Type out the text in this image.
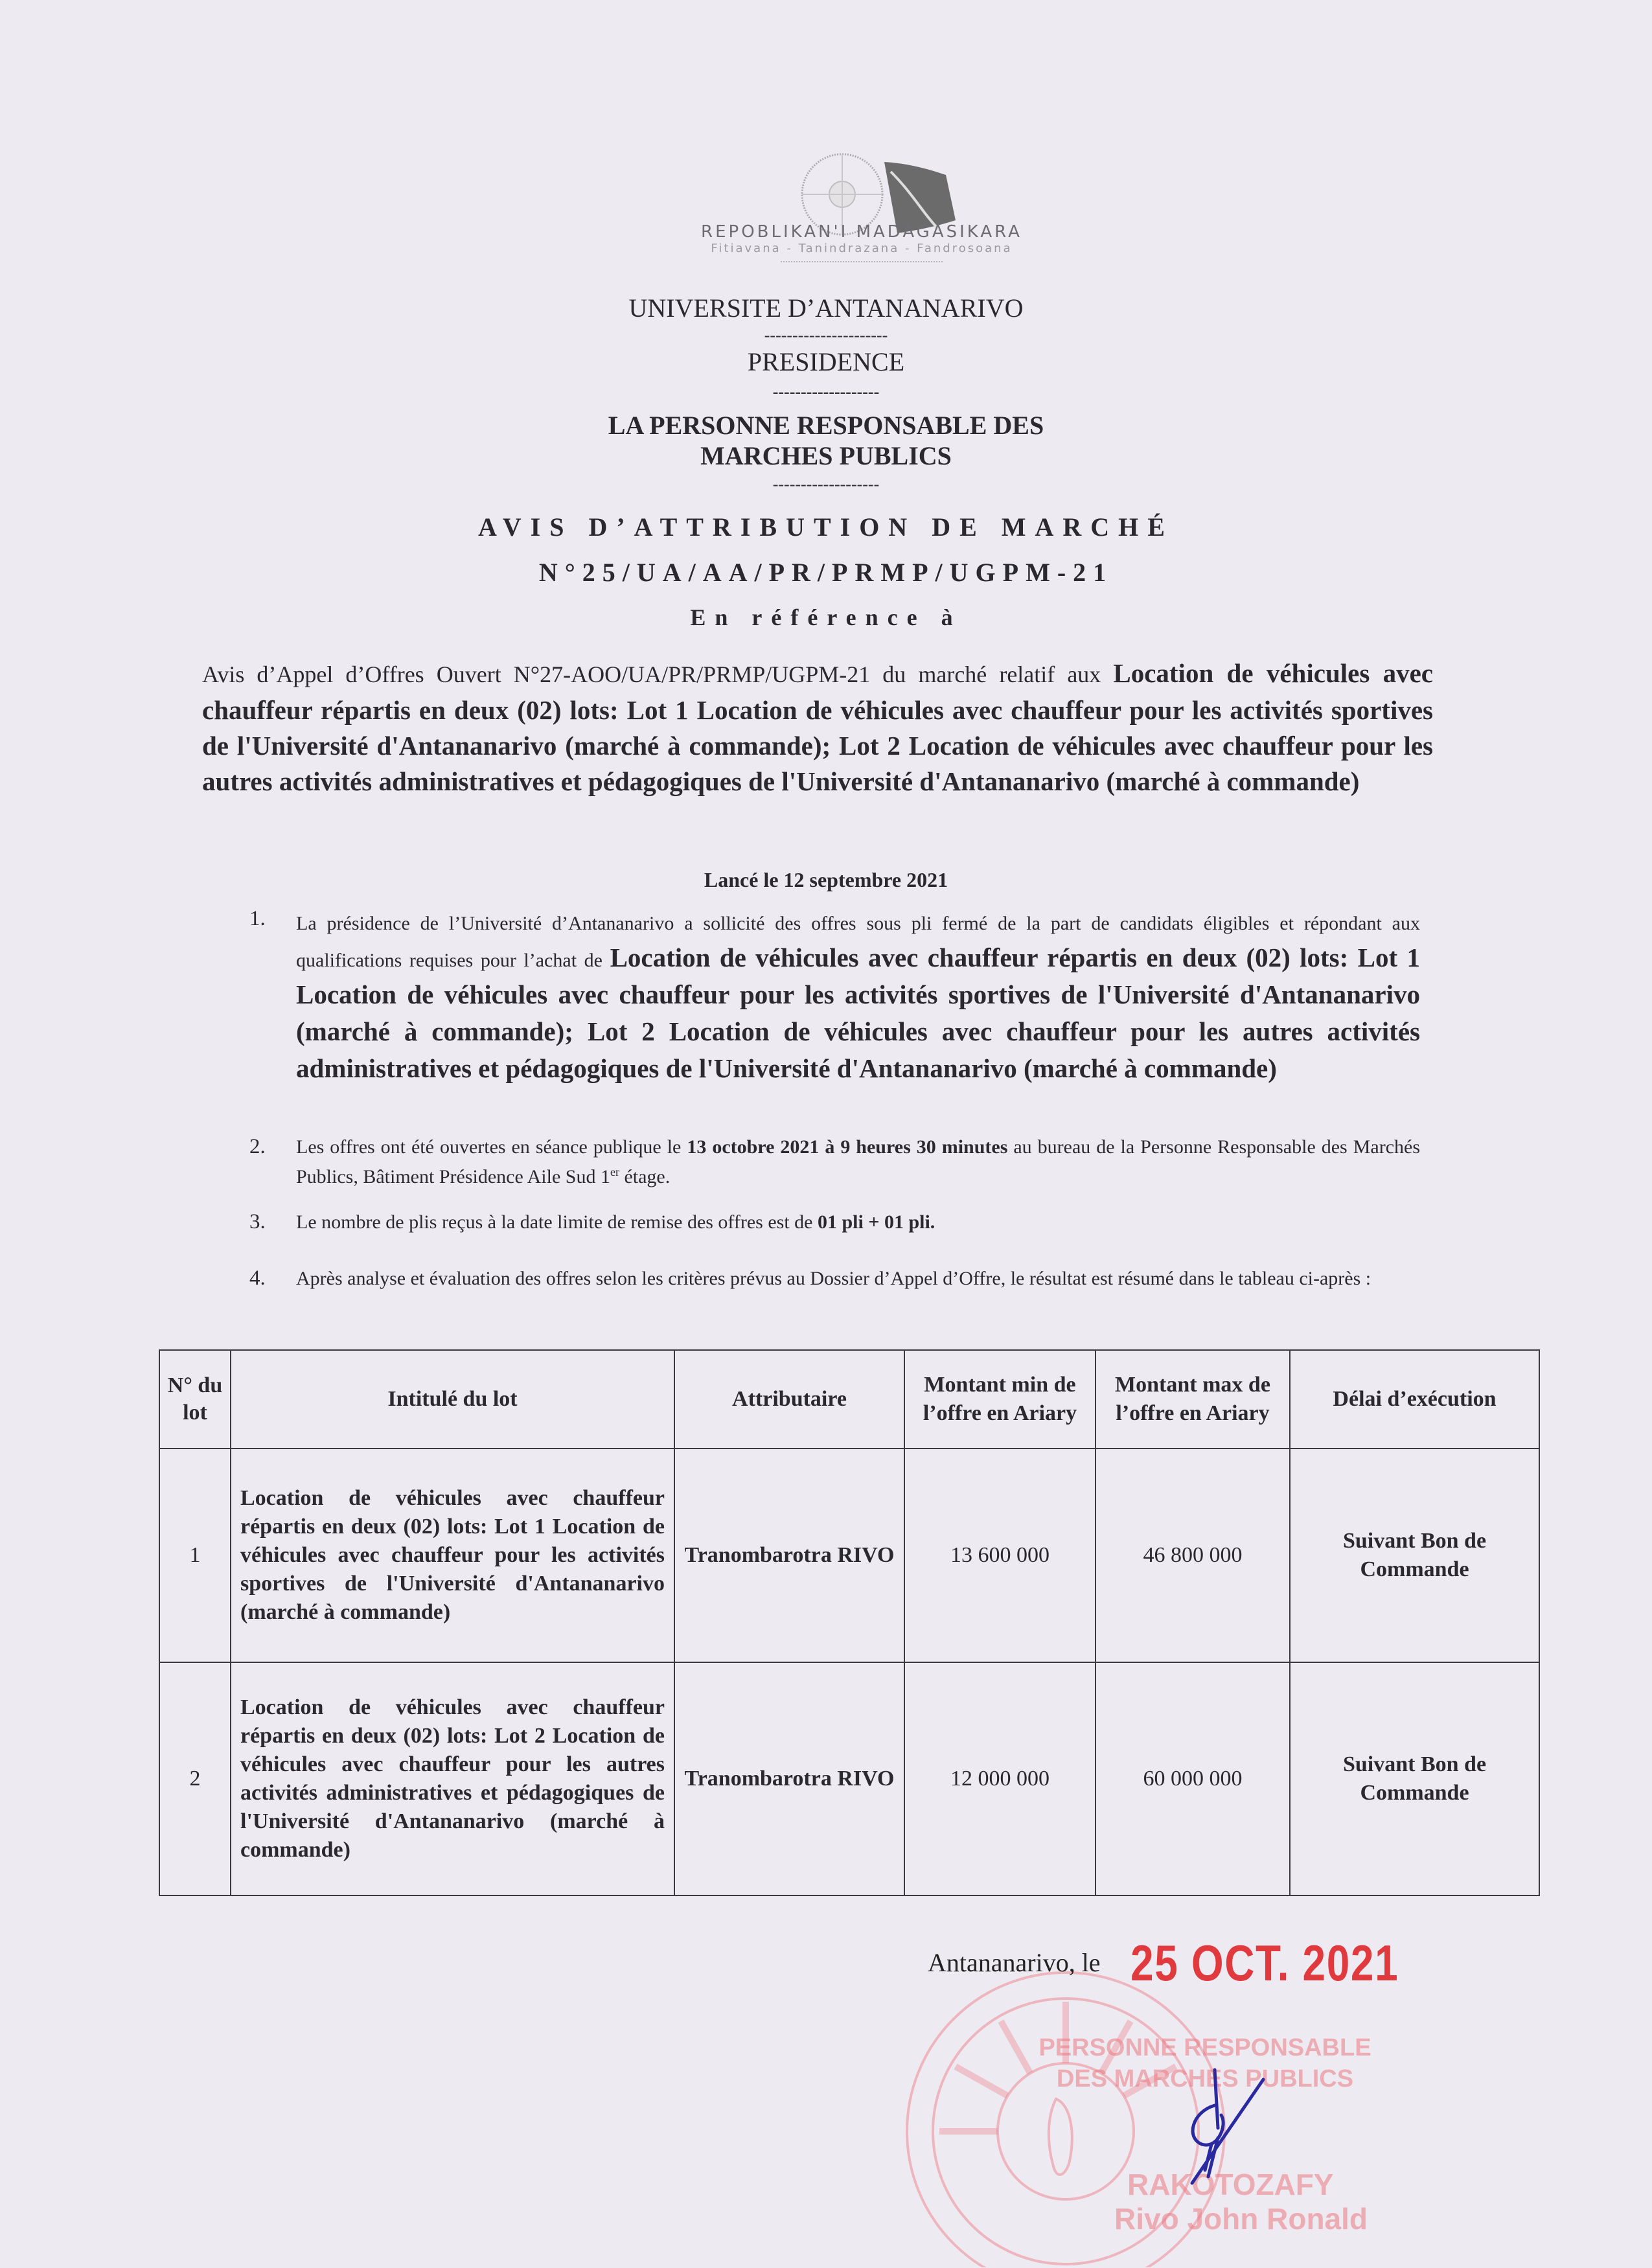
REPOBLIKAN'I MADAGASIKARA
Fitiavana - Tanindrazana - Fandrosoana
UNIVERSITE D’ANTANANARIVO
----------------------
PRESIDENCE
-------------------
LA PERSONNE RESPONSABLE DES
MARCHES PUBLICS
-------------------
AVIS D’ATTRIBUTION DE MARCHÉ
N°25/UA/AA/PR/PRMP/UGPM-21
En référence à
Avis d’Appel d’Offres Ouvert N°27-AOO/UA/PR/PRMP/UGPM-21 du marché relatif aux Location de véhicules avec chauffeur répartis en deux (02) lots: Lot 1 Location de véhicules avec chauffeur pour les activités sportives de l'Université d'Antananarivo (marché à commande); Lot 2 Location de véhicules avec chauffeur pour les autres activités administratives et pédagogiques de l'Université d'Antananarivo (marché à commande)
Lancé le 12 septembre 2021
1. La présidence de l’Université d’Antananarivo a sollicité des offres sous pli fermé de la part de candidats éligibles et répondant aux qualifications requises pour l’achat de Location de véhicules avec chauffeur répartis en deux (02) lots: Lot 1 Location de véhicules avec chauffeur pour les activités sportives de l'Université d'Antananarivo (marché à commande); Lot 2 Location de véhicules avec chauffeur pour les autres activités administratives et pédagogiques de l'Université d'Antananarivo (marché à commande)
2. Les offres ont été ouvertes en séance publique le 13 octobre 2021 à 9 heures 30 minutes au bureau de la Personne Responsable des Marchés Publics, Bâtiment Présidence Aile Sud 1er étage.
3. Le nombre de plis reçus à la date limite de remise des offres est de 01 pli + 01 pli.
4. Après analyse et évaluation des offres selon les critères prévus au Dossier d’Appel d’Offre, le résultat est résumé dans le tableau ci-après :
N° du lot	Intitulé du lot	Attributaire	Montant min de l’offre en Ariary	Montant max de l’offre en Ariary	Délai d’exécution
1	Location de véhicules avec chauffeur répartis en deux (02) lots: Lot 1 Location de véhicules avec chauffeur pour les activités sportives de l'Université d'Antananarivo (marché à commande)	Tranombarotra RIVO	13 600 000	46 800 000	Suivant Bon de Commande
2	Location de véhicules avec chauffeur répartis en deux (02) lots: Lot 2 Location de véhicules avec chauffeur pour les autres activités administratives et pédagogiques de l'Université d'Antananarivo (marché à commande)	Tranombarotra RIVO	12 000 000	60 000 000	Suivant Bon de Commande
Antananarivo, le 25 OCT. 2021
PERSONNE RESPONSABLE
DES MARCHES PUBLICS
RAKOTOZAFY
Rivo John Ronald
